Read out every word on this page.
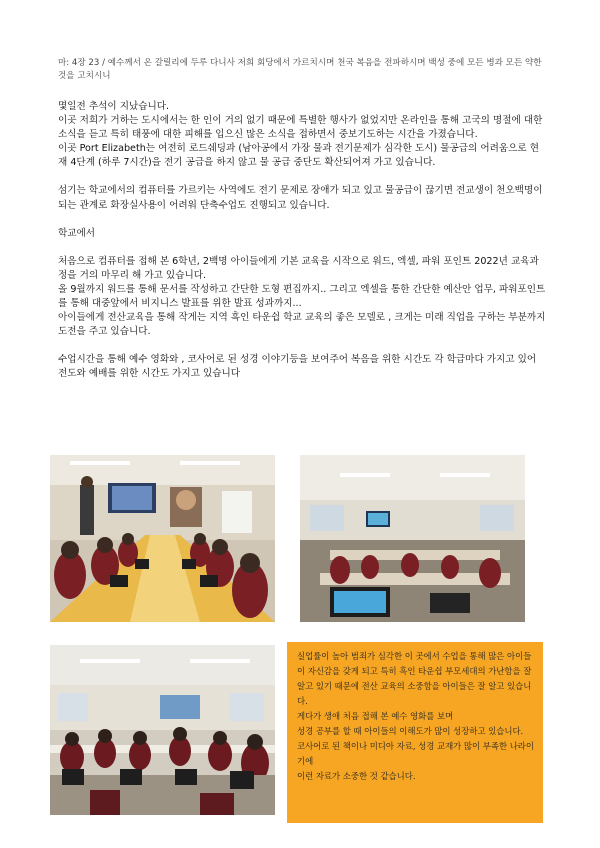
마: 4장 23 / 예수께서 온 갈릴리에 두루 다니사 저희 회당에서 가르치시며 천국 복음을 전파하시며 백성 중에 모든 병과 모든 약한 것을 고치시니

몇일전 추석이 지났습니다.

이곳 저희가 거하는 도시에서는 한 인이 거의 없기 때문에 특별한 행사가 없었지만 온라인을 통해 고국의 명절에 대한 소식을 듣고 특히 태풍에 대한 피해를 입으신 많은 소식을 접하면서 중보기도하는 시간을 가졌습니다.

이곳 Port Elizabeth는 여전히 로드쉐딩과 (남아공에서 가장 물과 전기문제가 심각한 도시) 물공급의 어려움으로 현재 4단계 (하루 7시간)을 전기 공급을 하지 않고 물 공급 중단도 확산되어져 가고 있습니다.

섬기는 학교에서의 컴퓨터를 가르키는 사역에도 전기 문제로 장애가 되고 있고 물공급이 끊기면 전교생이 천오백명이 되는 관계로 화장실사용이 어려워 단축수업도 진행되고 있습니다.

학교에서

처음으로 컴퓨터를 접해 본 6학년, 2백명 아이들에게 기본 교육을 시작으로 워드, 엑셀, 파워 포인트 2022년 교육과정을 거의 마무리 해 가고 있습니다.

올 9월까지 워드를 통해 문서를 작성하고 간단한 도형 편집까지.. 그리고 엑셀을 통한 간단한 예산안 업무, 파워포인트를 통해 대중앞에서 비지니스 발표를 위한 발표 성과까지...

아이들에게 전산교육을 통해 작게는 지역 흑인 타운쉽 학교 교육의 좋은 모델로 , 크게는 미래 직업을 구하는 부분까지 도전을 주고 있습니다.

수업시간을 통해 예수 영화와 , 코사어로 된 성경 이야기등을 보여주어 복음을 위한 시간도 각 학급마다 가지고 있어 전도와 예배를 위한 시간도 가지고 있습니다

실업률이 높아 범죄가 심각한 이 곳에서 수업을 통해 많은 아이들이 자신감을 갖게 되고 특히 흑인 타운쉽 부모세대의 가난함을 잘 알고 있기 때문에 전산 교육의 소중함을 아이들은 잘 알고 있습니다.

게다가 생애 처음 접해 본 예수 영화를 보며

성경 공부를 할 때 아이들의 이해도가 많이 성장하고 있습니다.

코사어로 된 책이나 미디아 자료, 성경 교재가 많이 부족한 나라이기에

이런 자료가 소중한 것 같습니다.
